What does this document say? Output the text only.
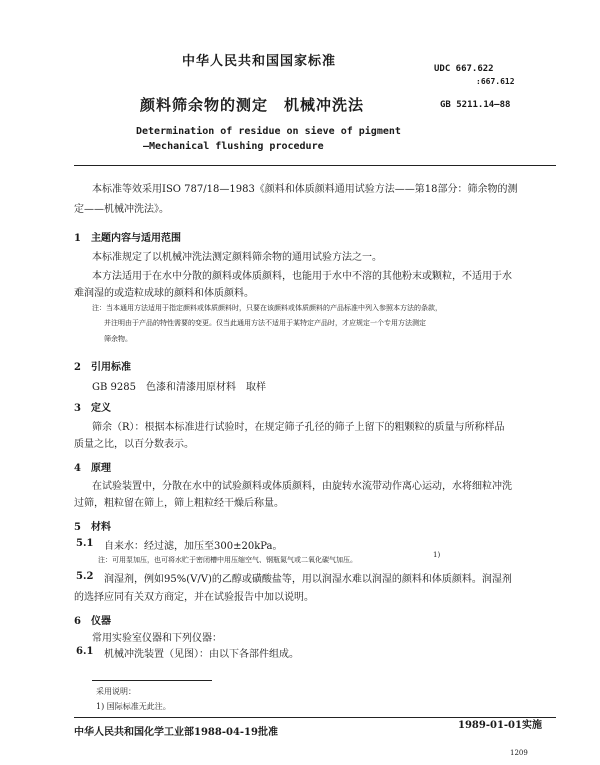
中华人民共和国国家标准	UDC 667.622
:667.612
颜料筛余物的测定　机械冲洗法	GB 5211.14—88
Determination of residue on sieve of pigment
—Mechanical flushing procedure
本标准等效采用ISO 787/18—1983《颜料和体质颜料通用试验方法——第18部分：筛余物的测
定——机械冲洗法》。
1　主题内容与适用范围
本标准规定了以机械冲洗法测定颜料筛余物的通用试验方法之一。
本方法适用于在水中分散的颜料或体质颜料，也能用于水中不溶的其他粉末或颗粒，不适用于水
难润湿的或造粒成球的颜料和体质颜料。
注：当本通用方法适用于指定颜料或体质颜料时，只要在该颜料或体质颜料的产品标准中列入参照本方法的条款，
并注明由于产品的特性需要的变更。仅当此通用方法不适用于某特定产品时，才应规定一个专用方法测定
筛余物。
2　引用标准
GB 9285　色漆和清漆用原材料　取样
3　定义
筛余（R）：根据本标准进行试验时，在规定筛子孔径的筛子上留下的粗颗粒的质量与所称样品
质量之比，以百分数表示。
4　原理
在试验装置中，分散在水中的试验颜料或体质颜料，由旋转水流带动作离心运动，水将细粒冲洗
过筛，粗粒留在筛上，筛上粗粒经干燥后称量。
5　材料
5.1 自来水：经过滤，加压至300±20kPa。
注：可用泵加压，也可将水贮于密闭槽中用压缩空气、钢瓶氮气或二氧化碳气加压。
1)
5.2 润湿剂，例如95%(V/V)的乙醇或磺酸盐等，用以润湿水难以润湿的颜料和体质颜料。润湿剂
的选择应同有关双方商定，并在试验报告中加以说明。
6　仪器
常用实验室仪器和下列仪器：
6.1 机械冲洗装置（见图）：由以下各部件组成。
采用说明：
1) 国际标准无此注。
中华人民共和国化学工业部1988-04-19批准
1989-01-01实施
1209
